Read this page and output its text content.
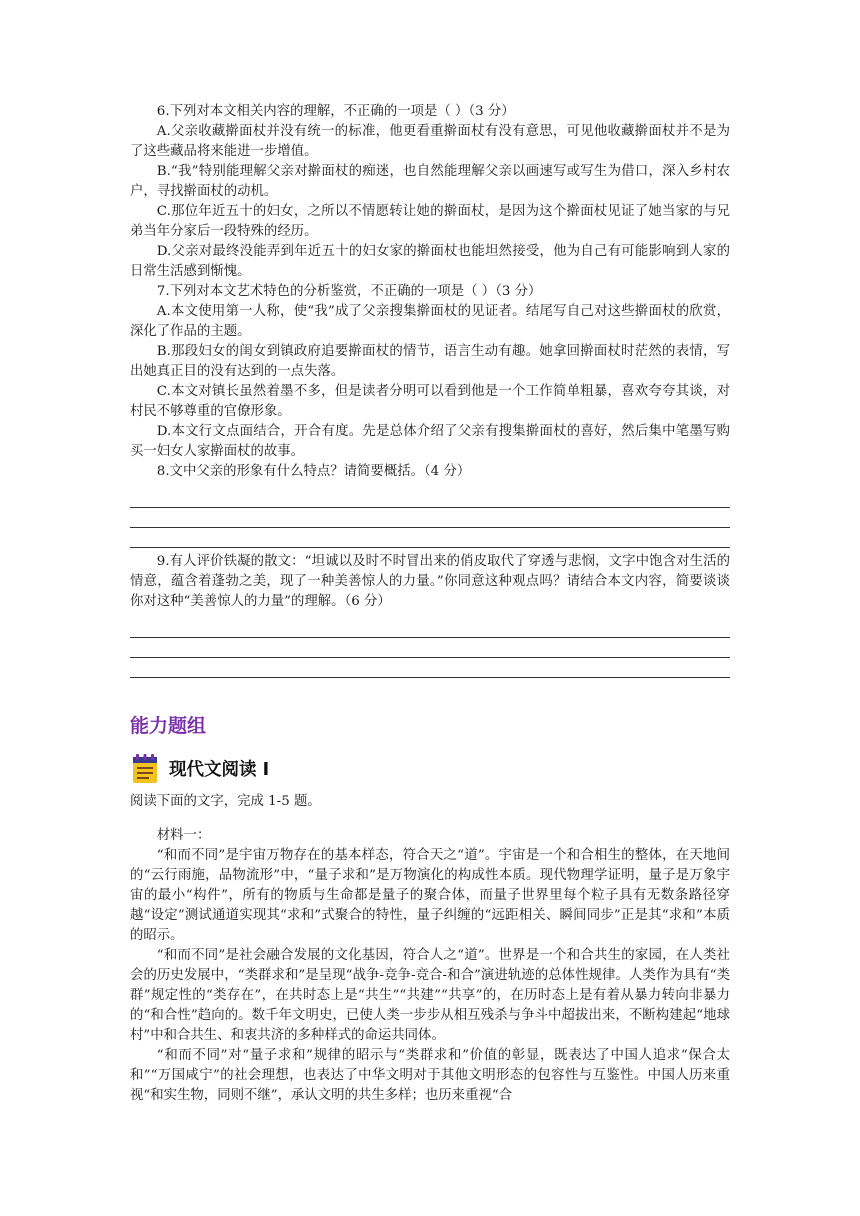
6.下列对本文相关内容的理解，不正确的一项是（ ）（3 分）

A.父亲收藏擀面杖并没有统一的标准，他更看重擀面杖有没有意思，可见他收藏擀面杖并不是为了这些藏品将来能进一步增值。

B.“我”特别能理解父亲对擀面杖的痴迷，也自然能理解父亲以画速写或写生为借口，深入乡村农户，寻找擀面杖的动机。

C.那位年近五十的妇女，之所以不情愿转让她的擀面杖，是因为这个擀面杖见证了她当家的与兄弟当年分家后一段特殊的经历。

D.父亲对最终没能弄到年近五十的妇女家的擀面杖也能坦然接受，他为自己有可能影响到人家的日常生活感到惭愧。

7.下列对本文艺术特色的分析鉴赏，不正确的一项是（ ）（3 分）

A.本文使用第一人称，使“我”成了父亲搜集擀面杖的见证者。结尾写自己对这些擀面杖的欣赏，深化了作品的主题。

B.那段妇女的闺女到镇政府追要擀面杖的情节，语言生动有趣。她拿回擀面杖时茫然的表情，写出她真正目的没有达到的一点失落。

C.本文对镇长虽然着墨不多，但是读者分明可以看到他是一个工作简单粗暴，喜欢夸夸其谈，对村民不够尊重的官僚形象。

D.本文行文点面结合，开合有度。先是总体介绍了父亲有搜集擀面杖的喜好，然后集中笔墨写购买一妇女人家擀面杖的故事。

8.文中父亲的形象有什么特点？请简要概括。（4 分）

9.有人评价铁凝的散文：“坦诚以及时不时冒出来的俏皮取代了穿透与悲悯，文字中饱含对生活的情意，蕴含着蓬勃之美，现了一种美善惊人的力量。”你同意这种观点吗？请结合本文内容，简要谈谈你对这种“美善惊人的力量”的理解。（6 分）

能力题组
现代文阅读 I

阅读下面的文字，完成 1-5 题。

材料一：

“和而不同”是宇宙万物存在的基本样态，符合天之“道”。宇宙是一个和合相生的整体，在天地间的“云行雨施，品物流形”中，“量子求和”是万物演化的构成性本质。现代物理学证明，量子是万象宇宙的最小“构件”，所有的物质与生命都是量子的聚合体，而量子世界里每个粒子具有无数条路径穿越“设定”测试通道实现其“求和”式聚合的特性，量子纠缠的“远距相关、瞬间同步”正是其“求和”本质的昭示。

“和而不同”是社会融合发展的文化基因，符合人之“道”。世界是一个和合共生的家园，在人类社会的历史发展中，“类群求和”是呈现“战争-竞争-竞合-和合”演进轨迹的总体性规律。人类作为具有“类群”规定性的“类存在”，在共时态上是“共生”“共建”“共享”的，在历时态上是有着从暴力转向非暴力的“和合性”趋向的。数千年文明史，已使人类一步步从相互残杀与争斗中超拔出来，不断构建起“地球村”中和合共生、和衷共济的多种样式的命运共同体。

“和而不同”对“量子求和”规律的昭示与“类群求和”价值的彰显，既表达了中国人追求“保合太和”“万国咸宁”的社会理想，也表达了中华文明对于其他文明形态的包容性与互鉴性。中国人历来重视“和实生物，同则不继”，承认文明的共生多样；也历来重视“合
